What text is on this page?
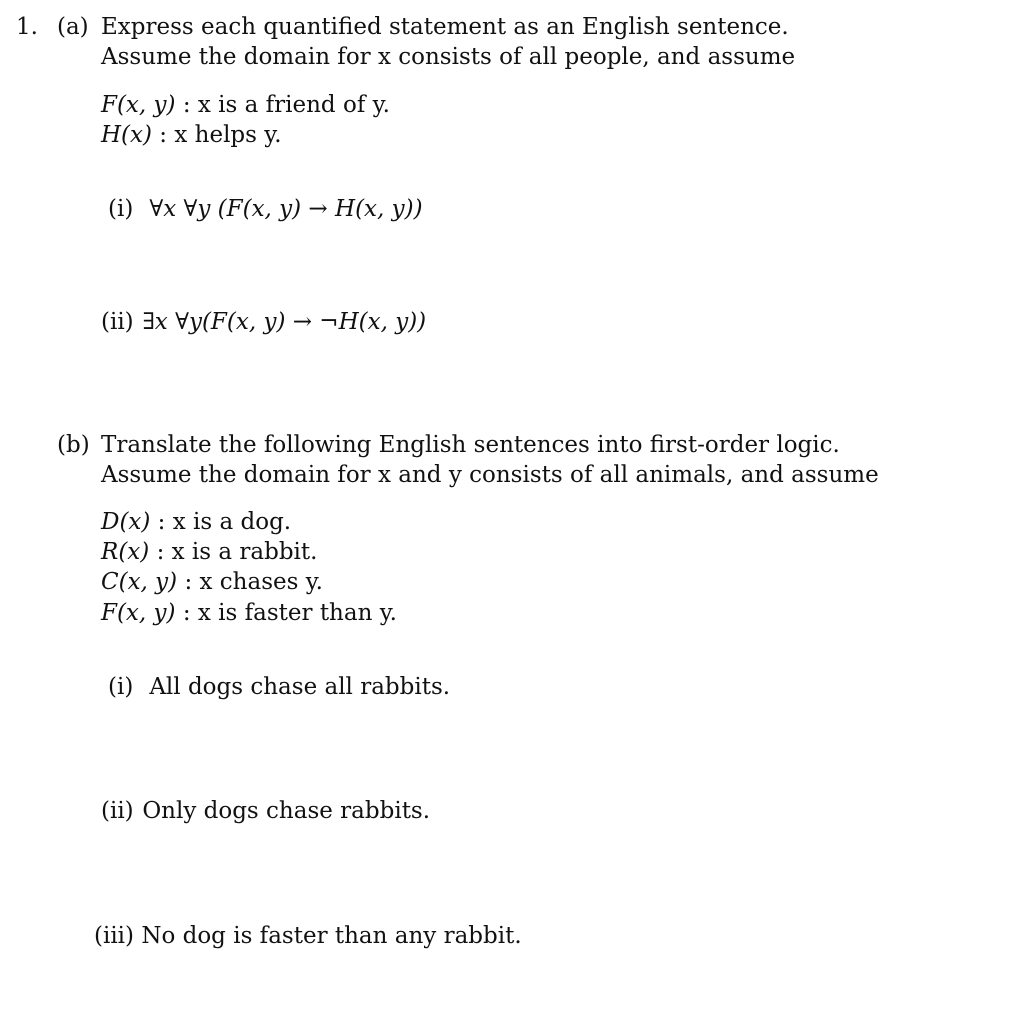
1. (a) Express each quantified statement as an English sentence.
Assume the domain for x consists of all people, and assume
F(x, y) : x is a friend of y.
H(x) : x helps y.
(i) ∀x ∀y (F(x, y) → H(x, y))
(ii) ∃x ∀y(F(x, y) → ¬H(x, y))
(b) Translate the following English sentences into first-order logic.
Assume the domain for x and y consists of all animals, and assume
D(x) : x is a dog.
R(x) : x is a rabbit.
C(x, y) : x chases y.
F(x, y) : x is faster than y.
(i) All dogs chase all rabbits.
(ii) Only dogs chase rabbits.
(iii) No dog is faster than any rabbit.
